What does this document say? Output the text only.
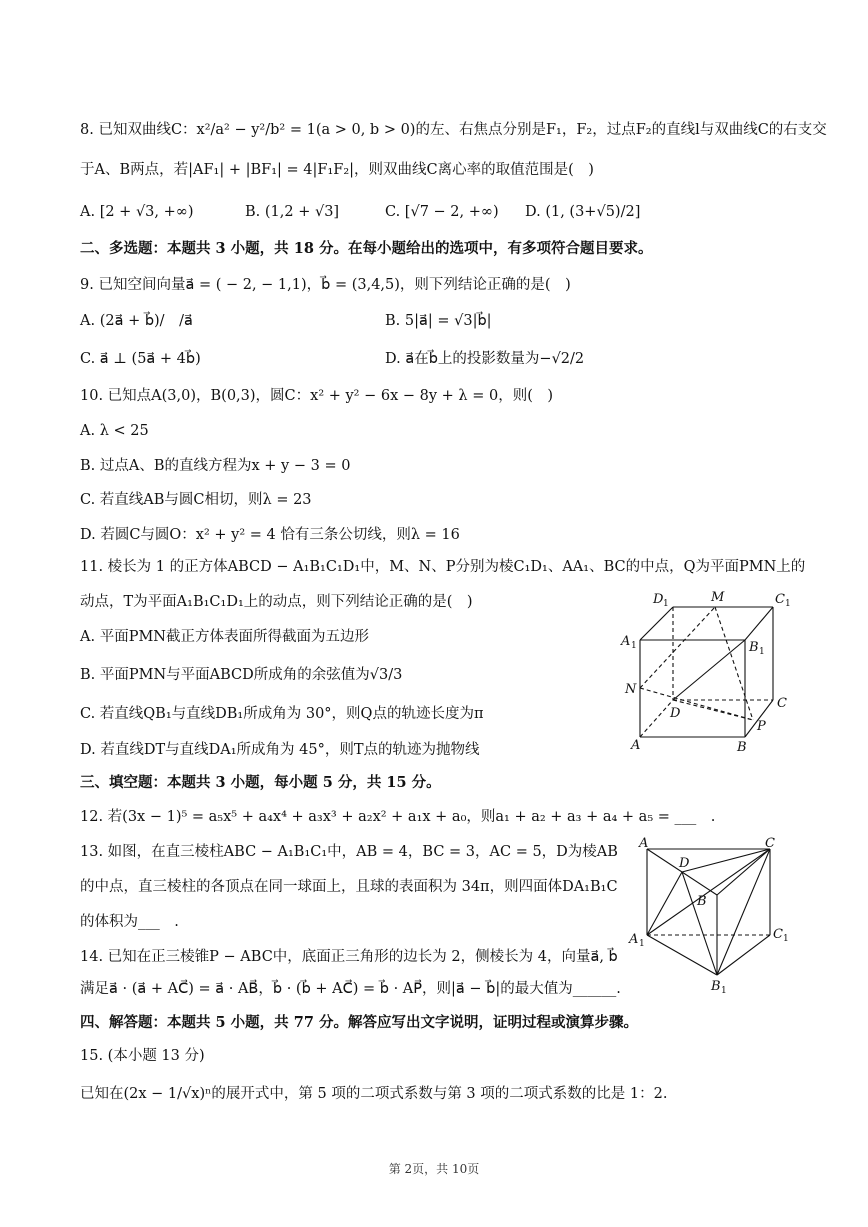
8. 已知双曲线C：x²/a² − y²/b² = 1(a > 0, b > 0)的左、右焦点分别是F₁，F₂，过点F₂的直线l与双曲线C的右支交
于A、B两点，若|AF₁| + |BF₁| = 4|F₁F₂|，则双曲线C离心率的取值范围是(　)
A. [2 + √3, +∞)	B. (1,2 + √3]	C. [√7 − 2, +∞) D. (1, (3+√5)/2]
二、多选题：本题共 3 小题，共 18 分。在每小题给出的选项中，有多项符合题目要求。
9. 已知空间向量a⃗ = ( − 2, − 1,1)，b⃗ = (3,4,5)，则下列结论正确的是(　)
A. (2a⃗ + b⃗)/　/a⃗	B. 5|a⃗| = √3|b⃗|
C. a⃗ ⊥ (5a⃗ + 4b⃗)	D. a⃗在b⃗上的投影数量为−√2/2
10. 已知点A(3,0)，B(0,3)，圆C：x² + y² − 6x − 8y + λ = 0，则(　)
A. λ < 25
B. 过点A、B的直线方程为x + y − 3 = 0
C. 若直线AB与圆C相切，则λ = 23
D. 若圆C与圆O：x² + y² = 4 恰有三条公切线，则λ = 16
11. 棱长为 1 的正方体ABCD − A₁B₁C₁D₁中，M、N、P分别为棱C₁D₁、AA₁、BC的中点，Q为平面PMN上的
动点，T为平面A₁B₁C₁D₁上的动点，则下列结论正确的是(　)
A. 平面PMN截正方体表面所得截面为五边形
B. 平面PMN与平面ABCD所成角的余弦值为√3/3
C. 若直线QB₁与直线DB₁所成角为 30°，则Q点的轨迹长度为π
D. 若直线DT与直线DA₁所成角为 45°，则T点的轨迹为抛物线
D 1	M	C 1
A 1	B 1
N
C
D
P
A	B
三、填空题：本题共 3 小题，每小题 5 分，共 15 分。
12. 若(3x − 1)⁵ = a₅x⁵ + a₄x⁴ + a₃x³ + a₂x² + a₁x + a₀，则a₁ + a₂ + a₃ + a₄ + a₅ = ___　.
13. 如图，在直三棱柱ABC − A₁B₁C₁中，AB = 4，BC = 3，AC = 5，D为棱AB
的中点，直三棱柱的各顶点在同一球面上，且球的表面积为 34π，则四面体DA₁B₁C
的体积为___　.
A
D
C
B
A 1
C 1
B 1
14. 已知在正三棱锥P − ABC中，底面正三角形的边长为 2，侧棱长为 4，向量a⃗, b⃗
满足a⃗ · (a⃗ + AC⃗) = a⃗ · AB⃗，b⃗ · (b⃗ + AC⃗) = b⃗ · AP⃗，则|a⃗ − b⃗|的最大值为______.
四、解答题：本题共 5 小题，共 77 分。解答应写出文字说明，证明过程或演算步骤。
15. (本小题 13 分)
已知在(2x − 1/√x)ⁿ的展开式中，第 5 项的二项式系数与第 3 项的二项式系数的比是 1：2.
第 2页，共 10页
